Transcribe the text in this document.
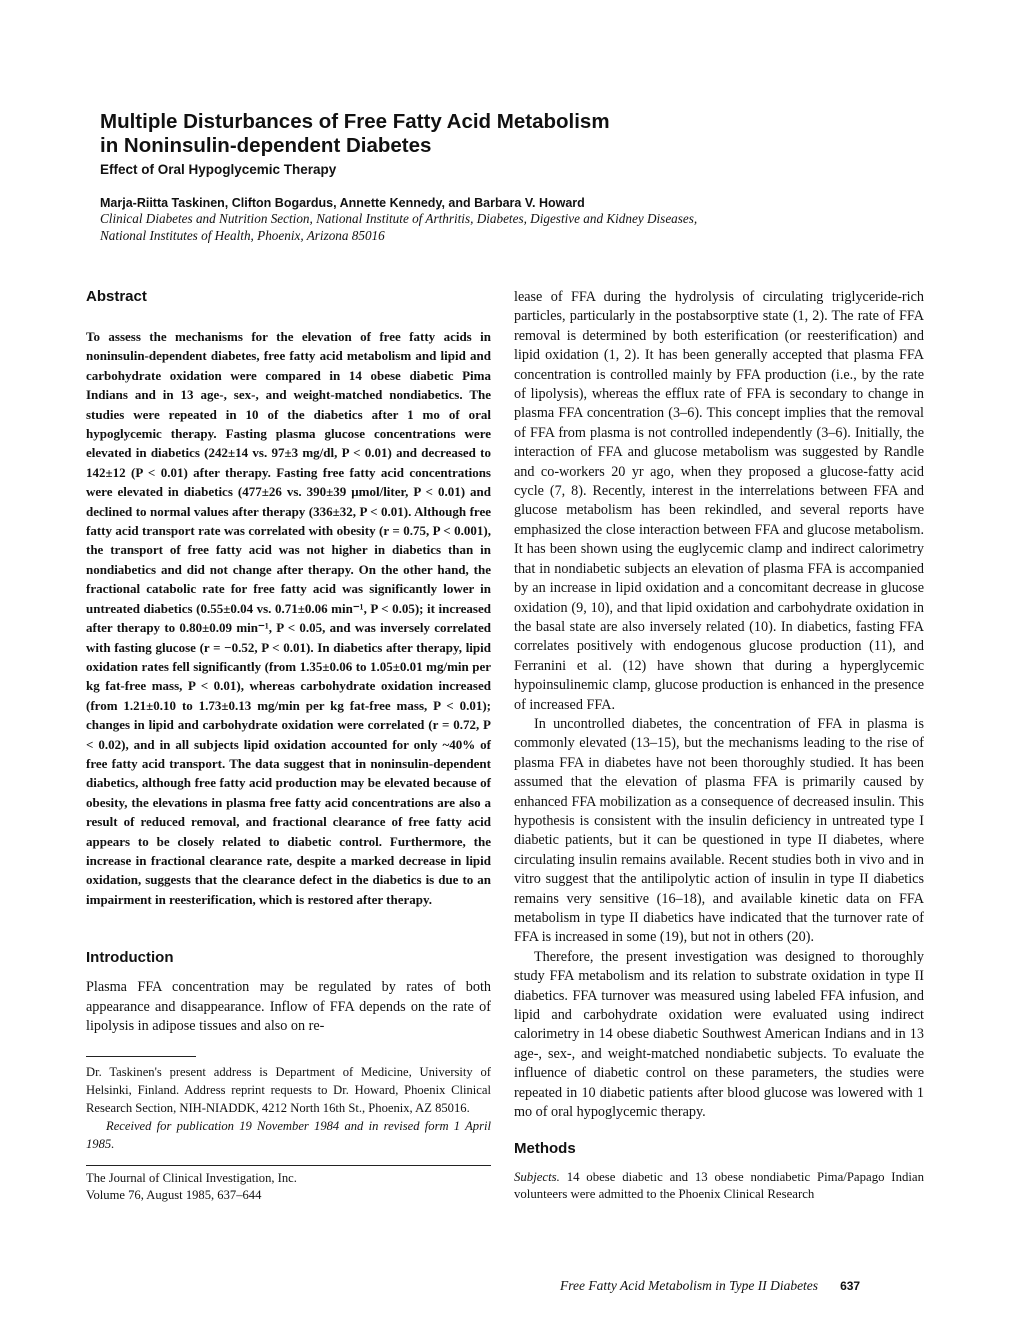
Multiple Disturbances of Free Fatty Acid Metabolism
in Noninsulin-dependent Diabetes
Effect of Oral Hypoglycemic Therapy
Marja-Riitta Taskinen, Clifton Bogardus, Annette Kennedy, and Barbara V. Howard
Clinical Diabetes and Nutrition Section, National Institute of Arthritis, Diabetes, Digestive and Kidney Diseases,
National Institutes of Health, Phoenix, Arizona 85016
Abstract

To assess the mechanisms for the elevation of free fatty acids in noninsulin-dependent diabetes, free fatty acid metabolism and lipid and carbohydrate oxidation were compared in 14 obese diabetic Pima Indians and in 13 age-, sex-, and weight-matched nondiabetics. The studies were repeated in 10 of the diabetics after 1 mo of oral hypoglycemic therapy. Fasting plasma glucose concentrations were elevated in diabetics (242±14 vs. 97±3 mg/dl, P < 0.01) and decreased to 142±12 (P < 0.01) after therapy. Fasting free fatty acid concentrations were elevated in diabetics (477±26 vs. 390±39 μmol/liter, P < 0.01) and declined to normal values after therapy (336±32, P < 0.01). Although free fatty acid transport rate was correlated with obesity (r = 0.75, P < 0.001), the transport of free fatty acid was not higher in diabetics than in nondiabetics and did not change after therapy. On the other hand, the fractional catabolic rate for free fatty acid was significantly lower in untreated diabetics (0.55±0.04 vs. 0.71±0.06 min⁻¹, P < 0.05); it increased after therapy to 0.80±0.09 min⁻¹, P < 0.05, and was inversely correlated with fasting glucose (r = −0.52, P < 0.01). In diabetics after therapy, lipid oxidation rates fell significantly (from 1.35±0.06 to 1.05±0.01 mg/min per kg fat-free mass, P < 0.01), whereas carbohydrate oxidation increased (from 1.21±0.10 to 1.73±0.13 mg/min per kg fat-free mass, P < 0.01); changes in lipid and carbohydrate oxidation were correlated (r = 0.72, P < 0.02), and in all subjects lipid oxidation accounted for only ~40% of free fatty acid transport. The data suggest that in noninsulin-dependent diabetics, although free fatty acid production may be elevated because of obesity, the elevations in plasma free fatty acid concentrations are also a result of reduced removal, and fractional clearance of free fatty acid appears to be closely related to diabetic control. Furthermore, the increase in fractional clearance rate, despite a marked decrease in lipid oxidation, suggests that the clearance defect in the diabetics is due to an impairment in reesterification, which is restored after therapy.

Introduction

Plasma FFA concentration may be regulated by rates of both appearance and disappearance. Inflow of FFA depends on the rate of lipolysis in adipose tissues and also on re-

Dr. Taskinen's present address is Department of Medicine, University of Helsinki, Finland. Address reprint requests to Dr. Howard, Phoenix Clinical Research Section, NIH-NIADDK, 4212 North 16th St., Phoenix, AZ 85016.

Received for publication 19 November 1984 and in revised form 1 April 1985.

The Journal of Clinical Investigation, Inc.
Volume 76, August 1985, 637–644

lease of FFA during the hydrolysis of circulating triglyceride-rich particles, particularly in the postabsorptive state (1, 2). The rate of FFA removal is determined by both esterification (or reesterification) and lipid oxidation (1, 2). It has been generally accepted that plasma FFA concentration is controlled mainly by FFA production (i.e., by the rate of lipolysis), whereas the efflux rate of FFA is secondary to change in plasma FFA concentration (3–6). This concept implies that the removal of FFA from plasma is not controlled independently (3–6). Initially, the interaction of FFA and glucose metabolism was suggested by Randle and co-workers 20 yr ago, when they proposed a glucose-fatty acid cycle (7, 8). Recently, interest in the interrelations between FFA and glucose metabolism has been rekindled, and several reports have emphasized the close interaction between FFA and glucose metabolism. It has been shown using the euglycemic clamp and indirect calorimetry that in nondiabetic subjects an elevation of plasma FFA is accompanied by an increase in lipid oxidation and a concomitant decrease in glucose oxidation (9, 10), and that lipid oxidation and carbohydrate oxidation in the basal state are also inversely related (10). In diabetics, fasting FFA correlates positively with endogenous glucose production (11), and Ferranini et al. (12) have shown that during a hyperglycemic hypoinsulinemic clamp, glucose production is enhanced in the presence of increased FFA.

In uncontrolled diabetes, the concentration of FFA in plasma is commonly elevated (13–15), but the mechanisms leading to the rise of plasma FFA in diabetes have not been thoroughly studied. It has been assumed that the elevation of plasma FFA is primarily caused by enhanced FFA mobilization as a consequence of decreased insulin. This hypothesis is consistent with the insulin deficiency in untreated type I diabetic patients, but it can be questioned in type II diabetes, where circulating insulin remains available. Recent studies both in vivo and in vitro suggest that the antilipolytic action of insulin in type II diabetics remains very sensitive (16–18), and available kinetic data on FFA metabolism in type II diabetics have indicated that the turnover rate of FFA is increased in some (19), but not in others (20).

Therefore, the present investigation was designed to thoroughly study FFA metabolism and its relation to substrate oxidation in type II diabetics. FFA turnover was measured using labeled FFA infusion, and lipid and carbohydrate oxidation were evaluated using indirect calorimetry in 14 obese diabetic Southwest American Indians and in 13 age-, sex-, and weight-matched nondiabetic subjects. To evaluate the influence of diabetic control on these parameters, the studies were repeated in 10 diabetic patients after blood glucose was lowered with 1 mo of oral hypoglycemic therapy.

Methods

Subjects. 14 obese diabetic and 13 obese nondiabetic Pima/Papago Indian volunteers were admitted to the Phoenix Clinical Research

Free Fatty Acid Metabolism in Type II Diabetes 637
